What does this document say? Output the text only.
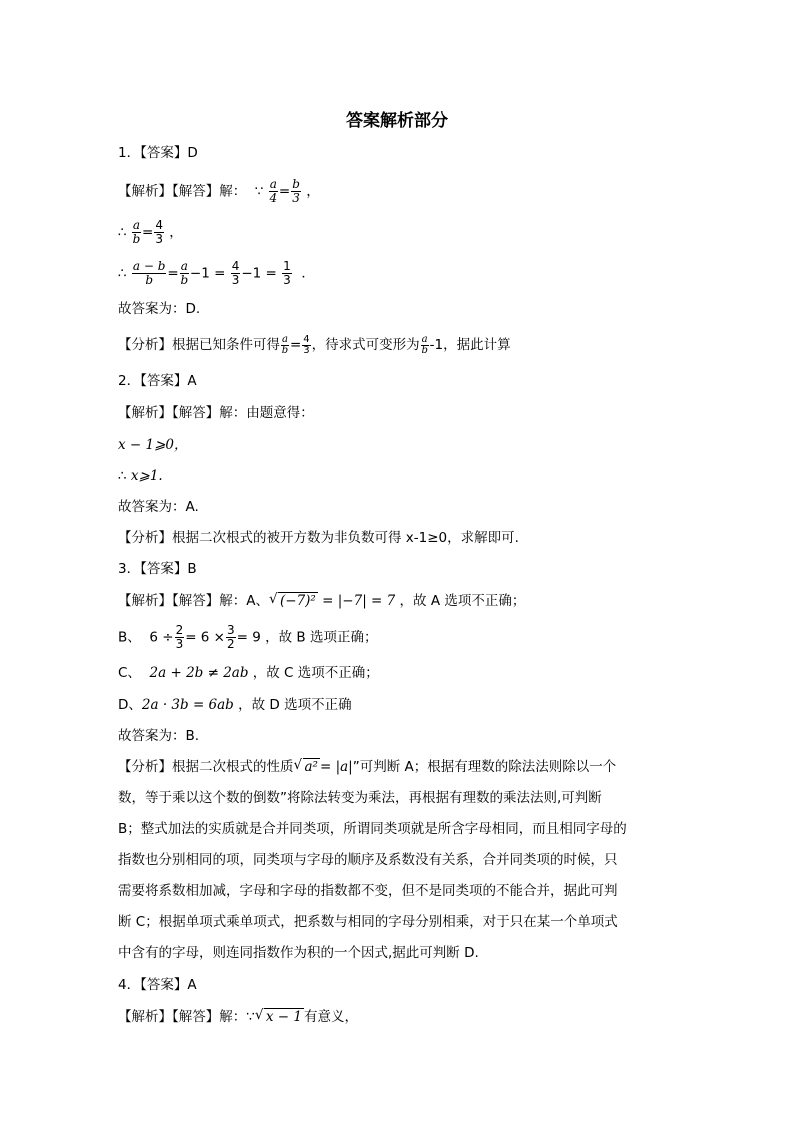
答案解析部分
1．【答案】D
【解析】【解答】解： ∵ $\frac{a}{4} = \frac{b}{3}$ ，
∴ $\frac{a}{b} = \frac{4}{3}$ ，
∴ $\frac{a - b}{b} = \frac{a}{b} -1 = \frac{4}{3} -1 = \frac{1}{3}$ ．
故答案为：D.
【分析】根据已知条件可得 $\frac{a}{b} = \frac{4}{3}$ ，待求式可变形为 $\frac{a}{b} -1$，据此计算
2．【答案】A
【解析】【解答】解：由题意得：
x − 1⩾0，
∴ x⩾1.
故答案为：A.
【分析】根据二次根式的被开方数为非负数可得 x-1≥0，求解即可.
3．【答案】B
【解析】【解答】解：A、 √ (−7)² = |−7| = 7 ，故 A 选项不正确；
B、 $6 \div \frac{2}{3} = 6 \times \frac{3}{2} = 9$ ，故 B 选项正确；
C、 2a + 2b ≠ 2ab ，故 C 选项不正确；
D、2a · 3b = 6ab ，故 D 选项不正确
故答案为：B.
【分析】根据二次根式的性质 √ a² = |a|”可判断 A；根据有理数的除法法则除以一个
数，等于乘以这个数的倒数”将除法转变为乘法，再根据有理数的乘法法则,可判断
B；整式加法的实质就是合并同类项，所谓同类项就是所含字母相同，而且相同字母的
指数也分别相同的项，同类项与字母的顺序及系数没有关系，合并同类项的时候，只
需要将系数相加减，字母和字母的指数都不变，但不是同类项的不能合并，据此可判
断 C；根据单项式乘单项式，把系数与相同的字母分别相乘，对于只在某一个单项式
中含有的字母，则连同指数作为积的一个因式,据此可判断 D.
4．【答案】A
【解析】【解答】解：∵ √ x − 1 有意义，
